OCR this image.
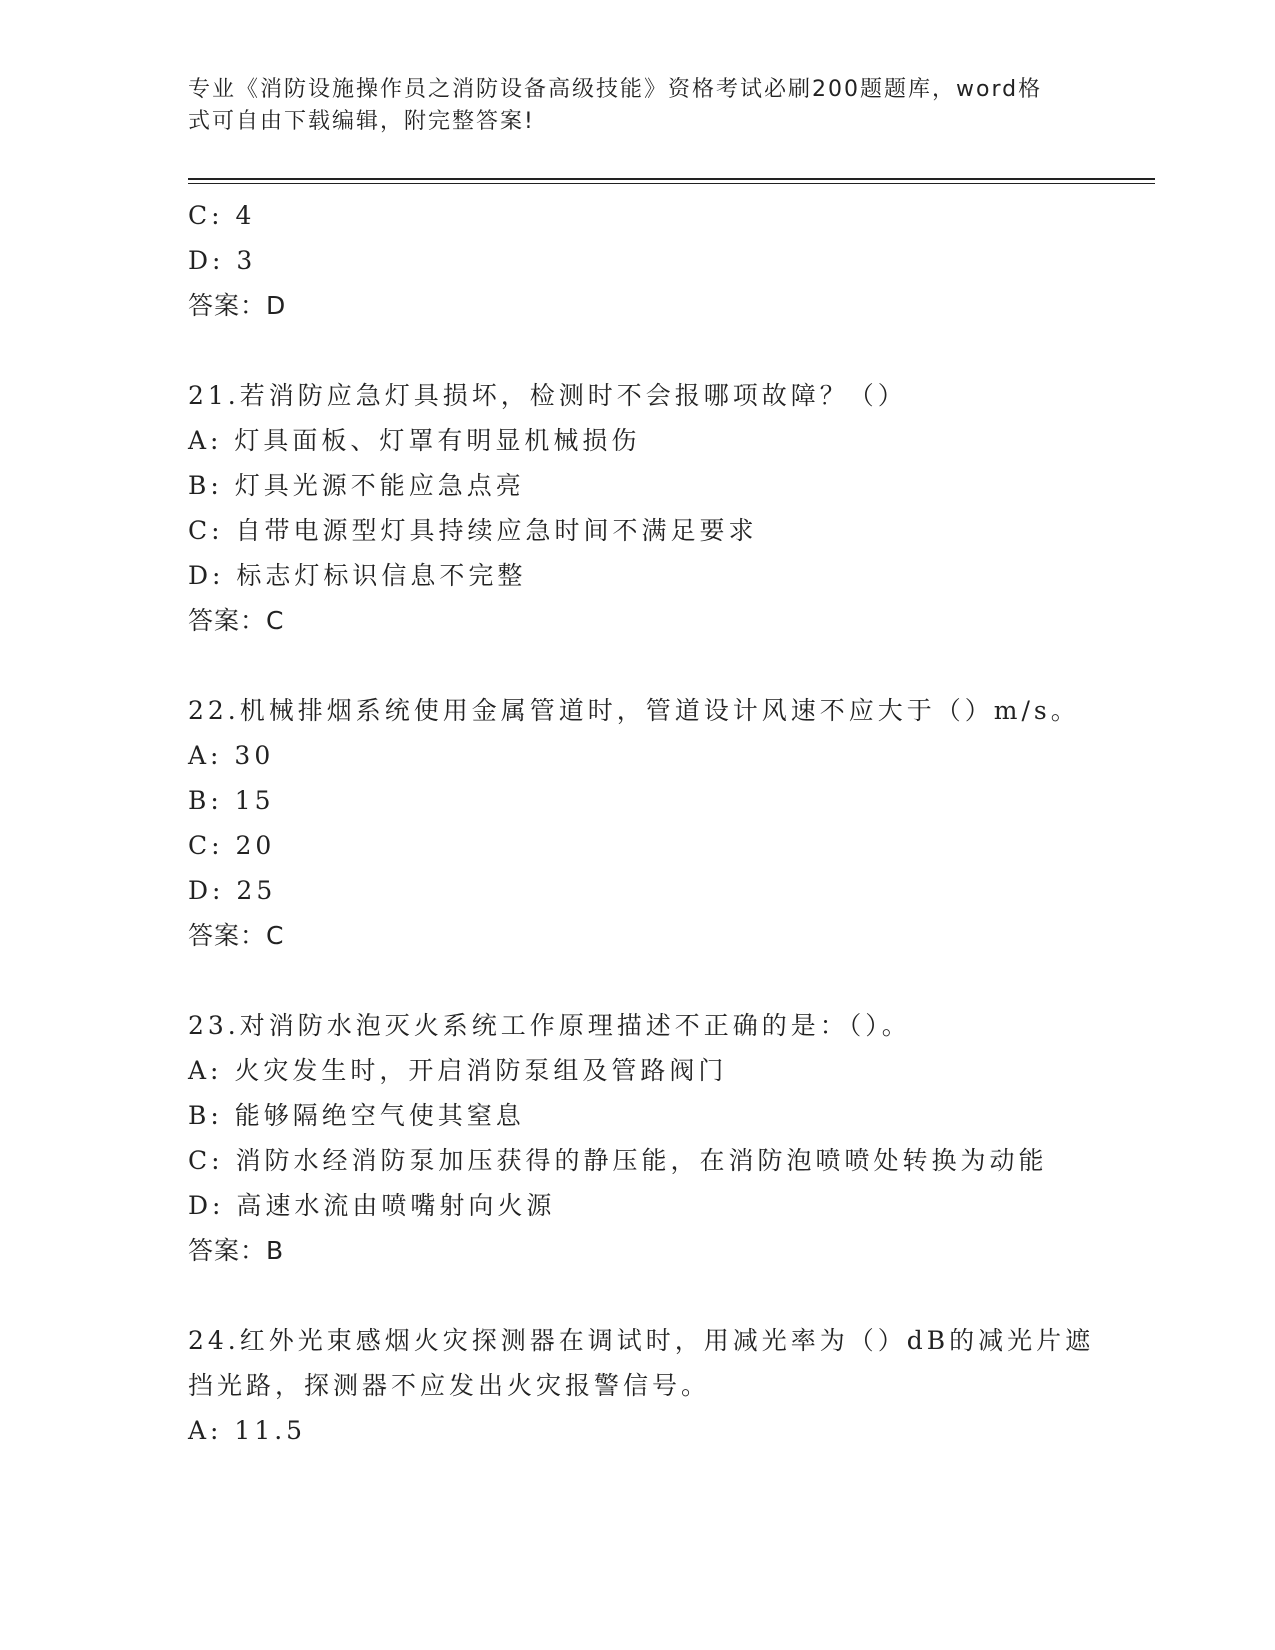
专业《消防设施操作员之消防设备高级技能》资格考试必刷200题题库，word格
式可自由下载编辑，附完整答案!
C: 4
D: 3
答案：D
21.若消防应急灯具损坏，检测时不会报哪项故障？（）
A: 灯具面板、灯罩有明显机械损伤
B: 灯具光源不能应急点亮
C: 自带电源型灯具持续应急时间不满足要求
D: 标志灯标识信息不完整
答案：C
22.机械排烟系统使用金属管道时，管道设计风速不应大于（）m/s。
A: 30
B: 15
C: 20
D: 25
答案：C
23.对消防水泡灭火系统工作原理描述不正确的是：（）。
A: 火灾发生时，开启消防泵组及管路阀门
B: 能够隔绝空气使其窒息
C: 消防水经消防泵加压获得的静压能，在消防泡喷喷处转换为动能
D: 高速水流由喷嘴射向火源
答案：B
24.红外光束感烟火灾探测器在调试时，用减光率为（）dB的减光片遮
挡光路，探测器不应发出火灾报警信号。
A: 11.5
